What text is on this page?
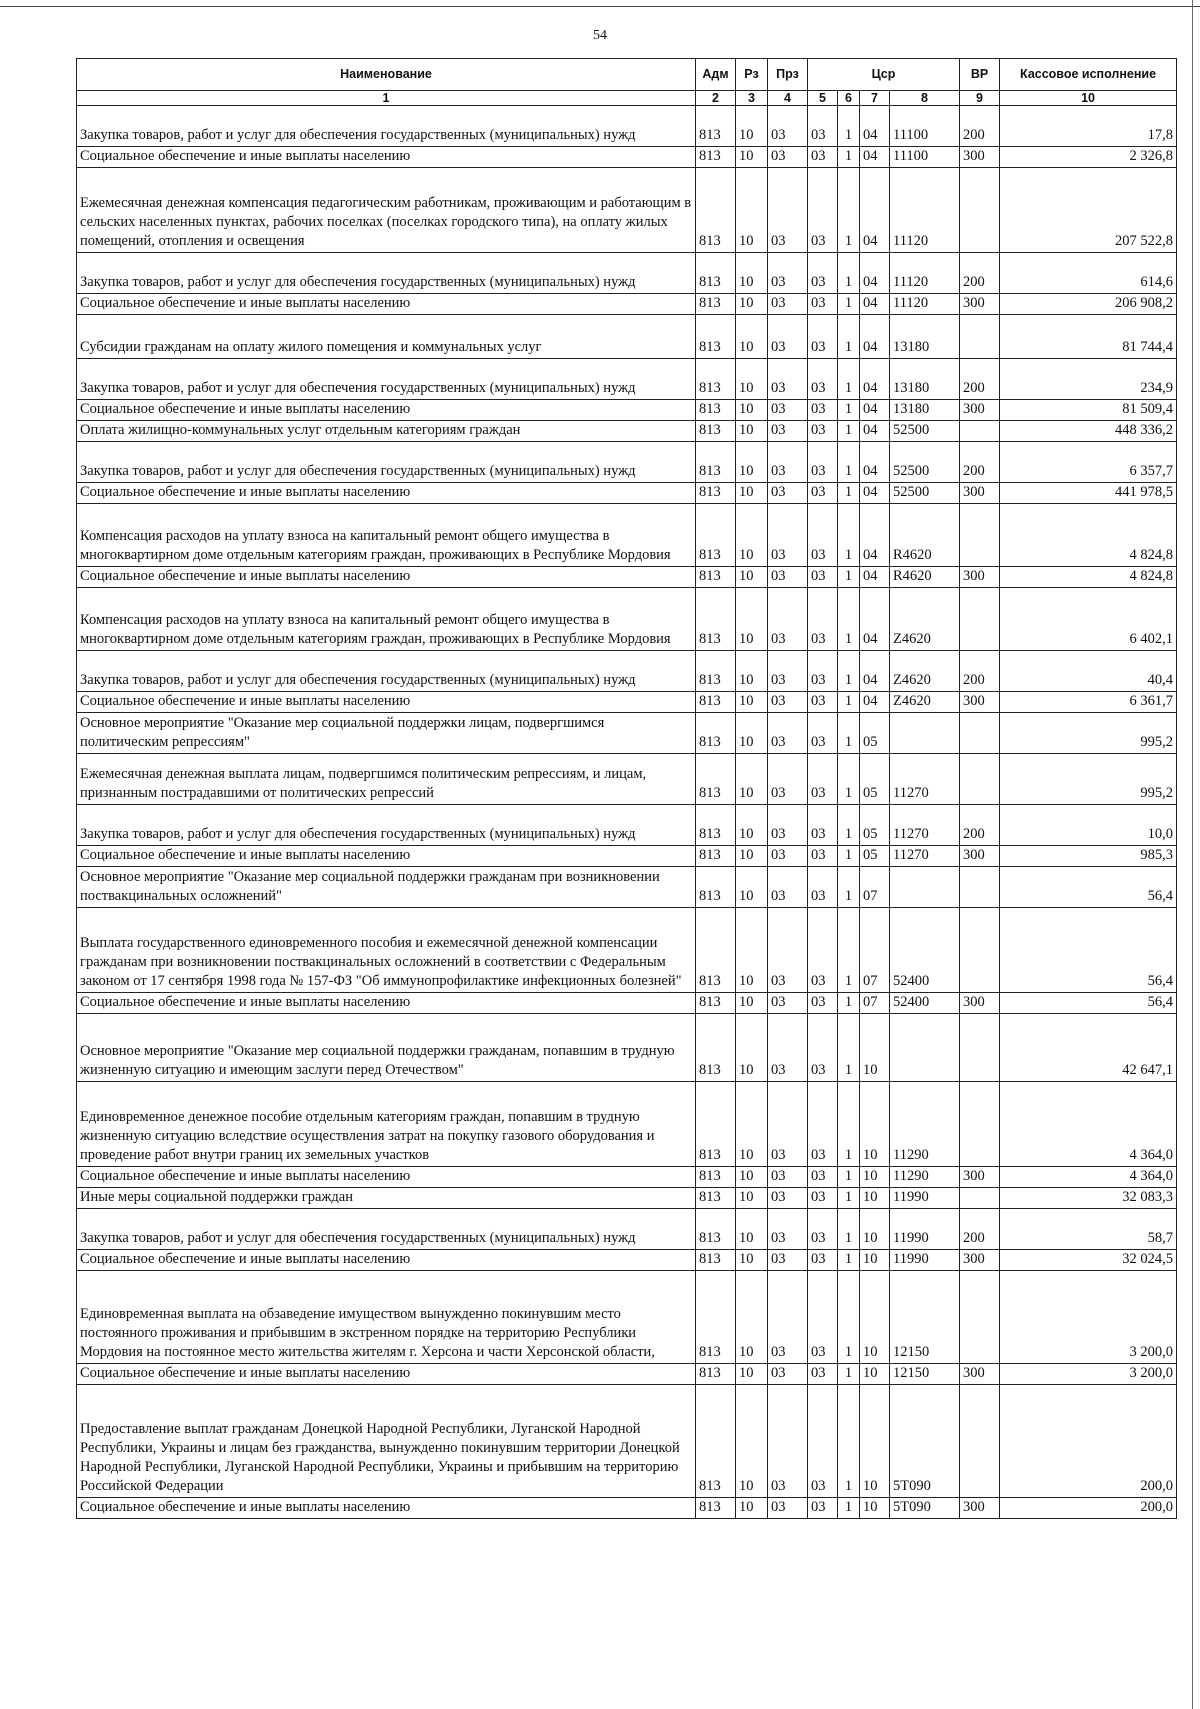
54
Наименование	Адм	Рз	Прз	Цср				ВР	Кассовое исполнение
1	2	3	4	5	6	7	8	9	10
Закупка товаров, работ и услуг для обеспечения государственных (муниципальных) нужд	813	10	03	03	1	04	11100	200	17,8
Социальное обеспечение и иные выплаты населению	813	10	03	03	1	04	11100	300	2 326,8
Ежемесячная денежная компенсация педагогическим работникам, проживающим и работающим в сельских населенных пунктах, рабочих поселках (поселках городского типа), на оплату жилых помещений, отопления и освещения	813	10	03	03	1	04	11120		207 522,8
Закупка товаров, работ и услуг для обеспечения государственных (муниципальных) нужд	813	10	03	03	1	04	11120	200	614,6
Социальное обеспечение и иные выплаты населению	813	10	03	03	1	04	11120	300	206 908,2
Субсидии гражданам на оплату жилого помещения и коммунальных услуг	813	10	03	03	1	04	13180		81 744,4
Закупка товаров, работ и услуг для обеспечения государственных (муниципальных) нужд	813	10	03	03	1	04	13180	200	234,9
Социальное обеспечение и иные выплаты населению	813	10	03	03	1	04	13180	300	81 509,4
Оплата жилищно-коммунальных услуг отдельным категориям граждан	813	10	03	03	1	04	52500		448 336,2
Закупка товаров, работ и услуг для обеспечения государственных (муниципальных) нужд	813	10	03	03	1	04	52500	200	6 357,7
Социальное обеспечение и иные выплаты населению	813	10	03	03	1	04	52500	300	441 978,5
Компенсация расходов на уплату взноса на капитальный ремонт общего имущества в многоквартирном доме отдельным категориям граждан, проживающих в Республике Мордовия	813	10	03	03	1	04	R4620		4 824,8
Социальное обеспечение и иные выплаты населению	813	10	03	03	1	04	R4620	300	4 824,8
Компенсация расходов на уплату взноса на капитальный ремонт общего имущества в многоквартирном доме отдельным категориям граждан, проживающих в Республике Мордовия	813	10	03	03	1	04	Z4620		6 402,1
Закупка товаров, работ и услуг для обеспечения государственных (муниципальных) нужд	813	10	03	03	1	04	Z4620	200	40,4
Социальное обеспечение и иные выплаты населению	813	10	03	03	1	04	Z4620	300	6 361,7
Основное мероприятие "Оказание мер социальной поддержки лицам, подвергшимся политическим репрессиям"	813	10	03	03	1	05			995,2
Ежемесячная денежная выплата лицам, подвергшимся политическим репрессиям, и лицам, признанным пострадавшими от политических репрессий	813	10	03	03	1	05	11270		995,2
Закупка товаров, работ и услуг для обеспечения государственных (муниципальных) нужд	813	10	03	03	1	05	11270	200	10,0
Социальное обеспечение и иные выплаты населению	813	10	03	03	1	05	11270	300	985,3
Основное мероприятие "Оказание мер социальной поддержки гражданам при возникновении поствакцинальных осложнений"	813	10	03	03	1	07			56,4
Выплата государственного единовременного пособия и ежемесячной денежной компенсации гражданам при возникновении поствакцинальных осложнений в соответствии с Федеральным законом от 17 сентября 1998 года № 157-ФЗ "Об иммунопрофилактике инфекционных болезней"	813	10	03	03	1	07	52400		56,4
Социальное обеспечение и иные выплаты населению	813	10	03	03	1	07	52400	300	56,4
Основное мероприятие "Оказание мер социальной поддержки гражданам, попавшим в трудную жизненную ситуацию и имеющим заслуги перед Отечеством"	813	10	03	03	1	10			42 647,1
Единовременное денежное пособие отдельным категориям граждан, попавшим в трудную жизненную ситуацию вследствие осуществления затрат на покупку газового оборудования и проведение работ внутри границ их земельных участков	813	10	03	03	1	10	11290		4 364,0
Социальное обеспечение и иные выплаты населению	813	10	03	03	1	10	11290	300	4 364,0
Иные меры социальной поддержки граждан	813	10	03	03	1	10	11990		32 083,3
Закупка товаров, работ и услуг для обеспечения государственных (муниципальных) нужд	813	10	03	03	1	10	11990	200	58,7
Социальное обеспечение и иные выплаты населению	813	10	03	03	1	10	11990	300	32 024,5
Единовременная выплата на обзаведение имуществом вынужденно покинувшим место постоянного проживания и прибывшим в экстренном порядке на территорию Республики Мордовия на постоянное место жительства жителям г. Херсона и части Херсонской области,	813	10	03	03	1	10	12150		3 200,0
Социальное обеспечение и иные выплаты населению	813	10	03	03	1	10	12150	300	3 200,0
Предоставление выплат гражданам Донецкой Народной Республики, Луганской Народной Республики, Украины и лицам без гражданства, вынужденно покинувшим территории Донецкой Народной Республики, Луганской Народной Республики, Украины и прибывшим на территорию Российской Федерации	813	10	03	03	1	10	5T090		200,0
Социальное обеспечение и иные выплаты населению	813	10	03	03	1	10	5T090	300	200,0
